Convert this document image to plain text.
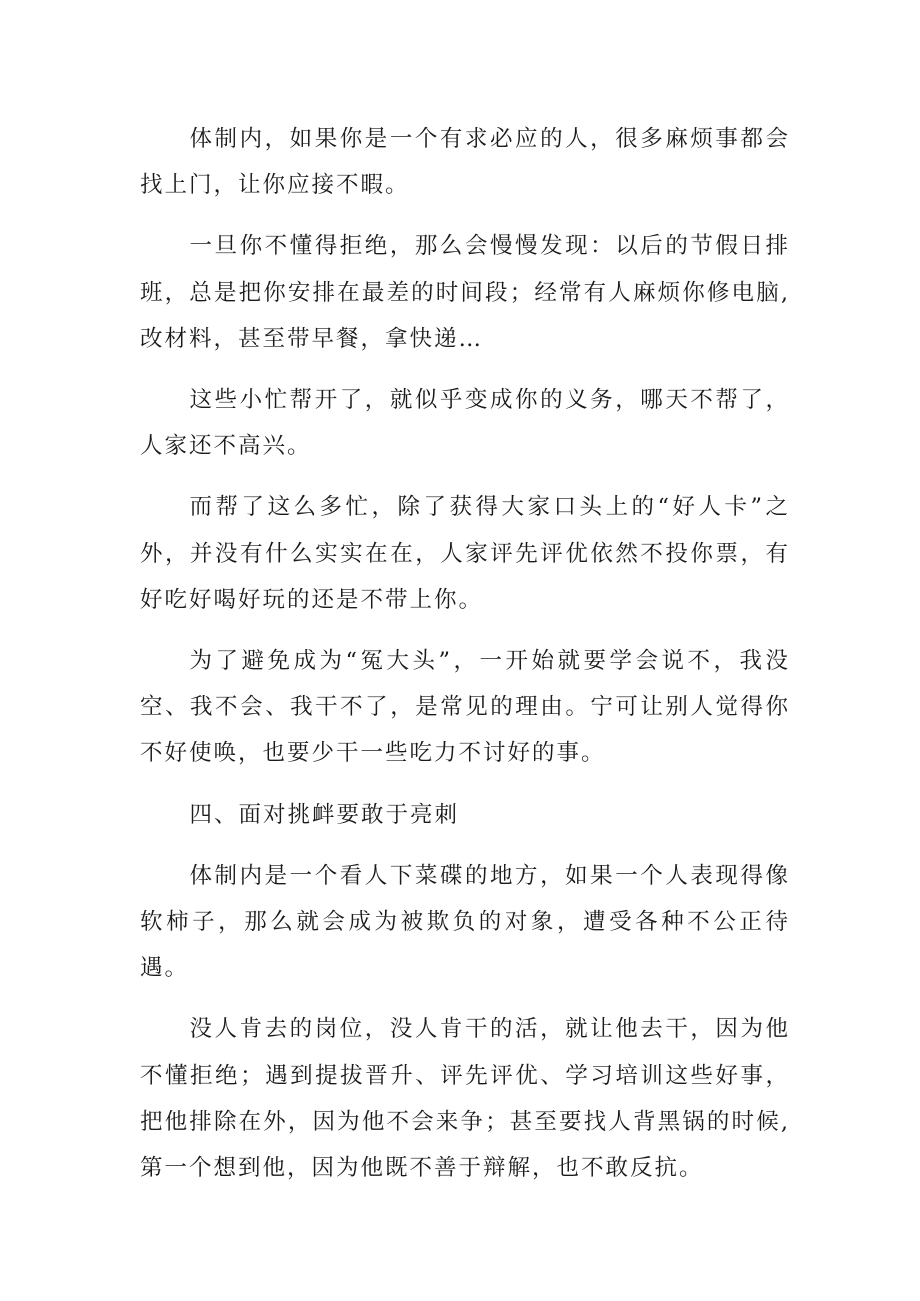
体制内，如果你是一个有求必应的人，很多麻烦事都会找上门，让你应接不暇。

一旦你不懂得拒绝，那么会慢慢发现：以后的节假日排班，总是把你安排在最差的时间段；经常有人麻烦你修电脑,改材料，甚至带早餐，拿快递…

这些小忙帮开了，就似乎变成你的义务，哪天不帮了，人家还不高兴。

而帮了这么多忙，除了获得大家口头上的“好人卡”之外，并没有什么实实在在，人家评先评优依然不投你票，有好吃好喝好玩的还是不带上你。

为了避免成为“冤大头”，一开始就要学会说不，我没空、我不会、我干不了，是常见的理由。宁可让别人觉得你不好使唤，也要少干一些吃力不讨好的事。

四、面对挑衅要敢于亮刺

体制内是一个看人下菜碟的地方，如果一个人表现得像软柿子，那么就会成为被欺负的对象，遭受各种不公正待遇。

没人肯去的岗位，没人肯干的活，就让他去干，因为他不懂拒绝；遇到提拔晋升、评先评优、学习培训这些好事，把他排除在外，因为他不会来争；甚至要找人背黑锅的时候,第一个想到他，因为他既不善于辩解，也不敢反抗。
